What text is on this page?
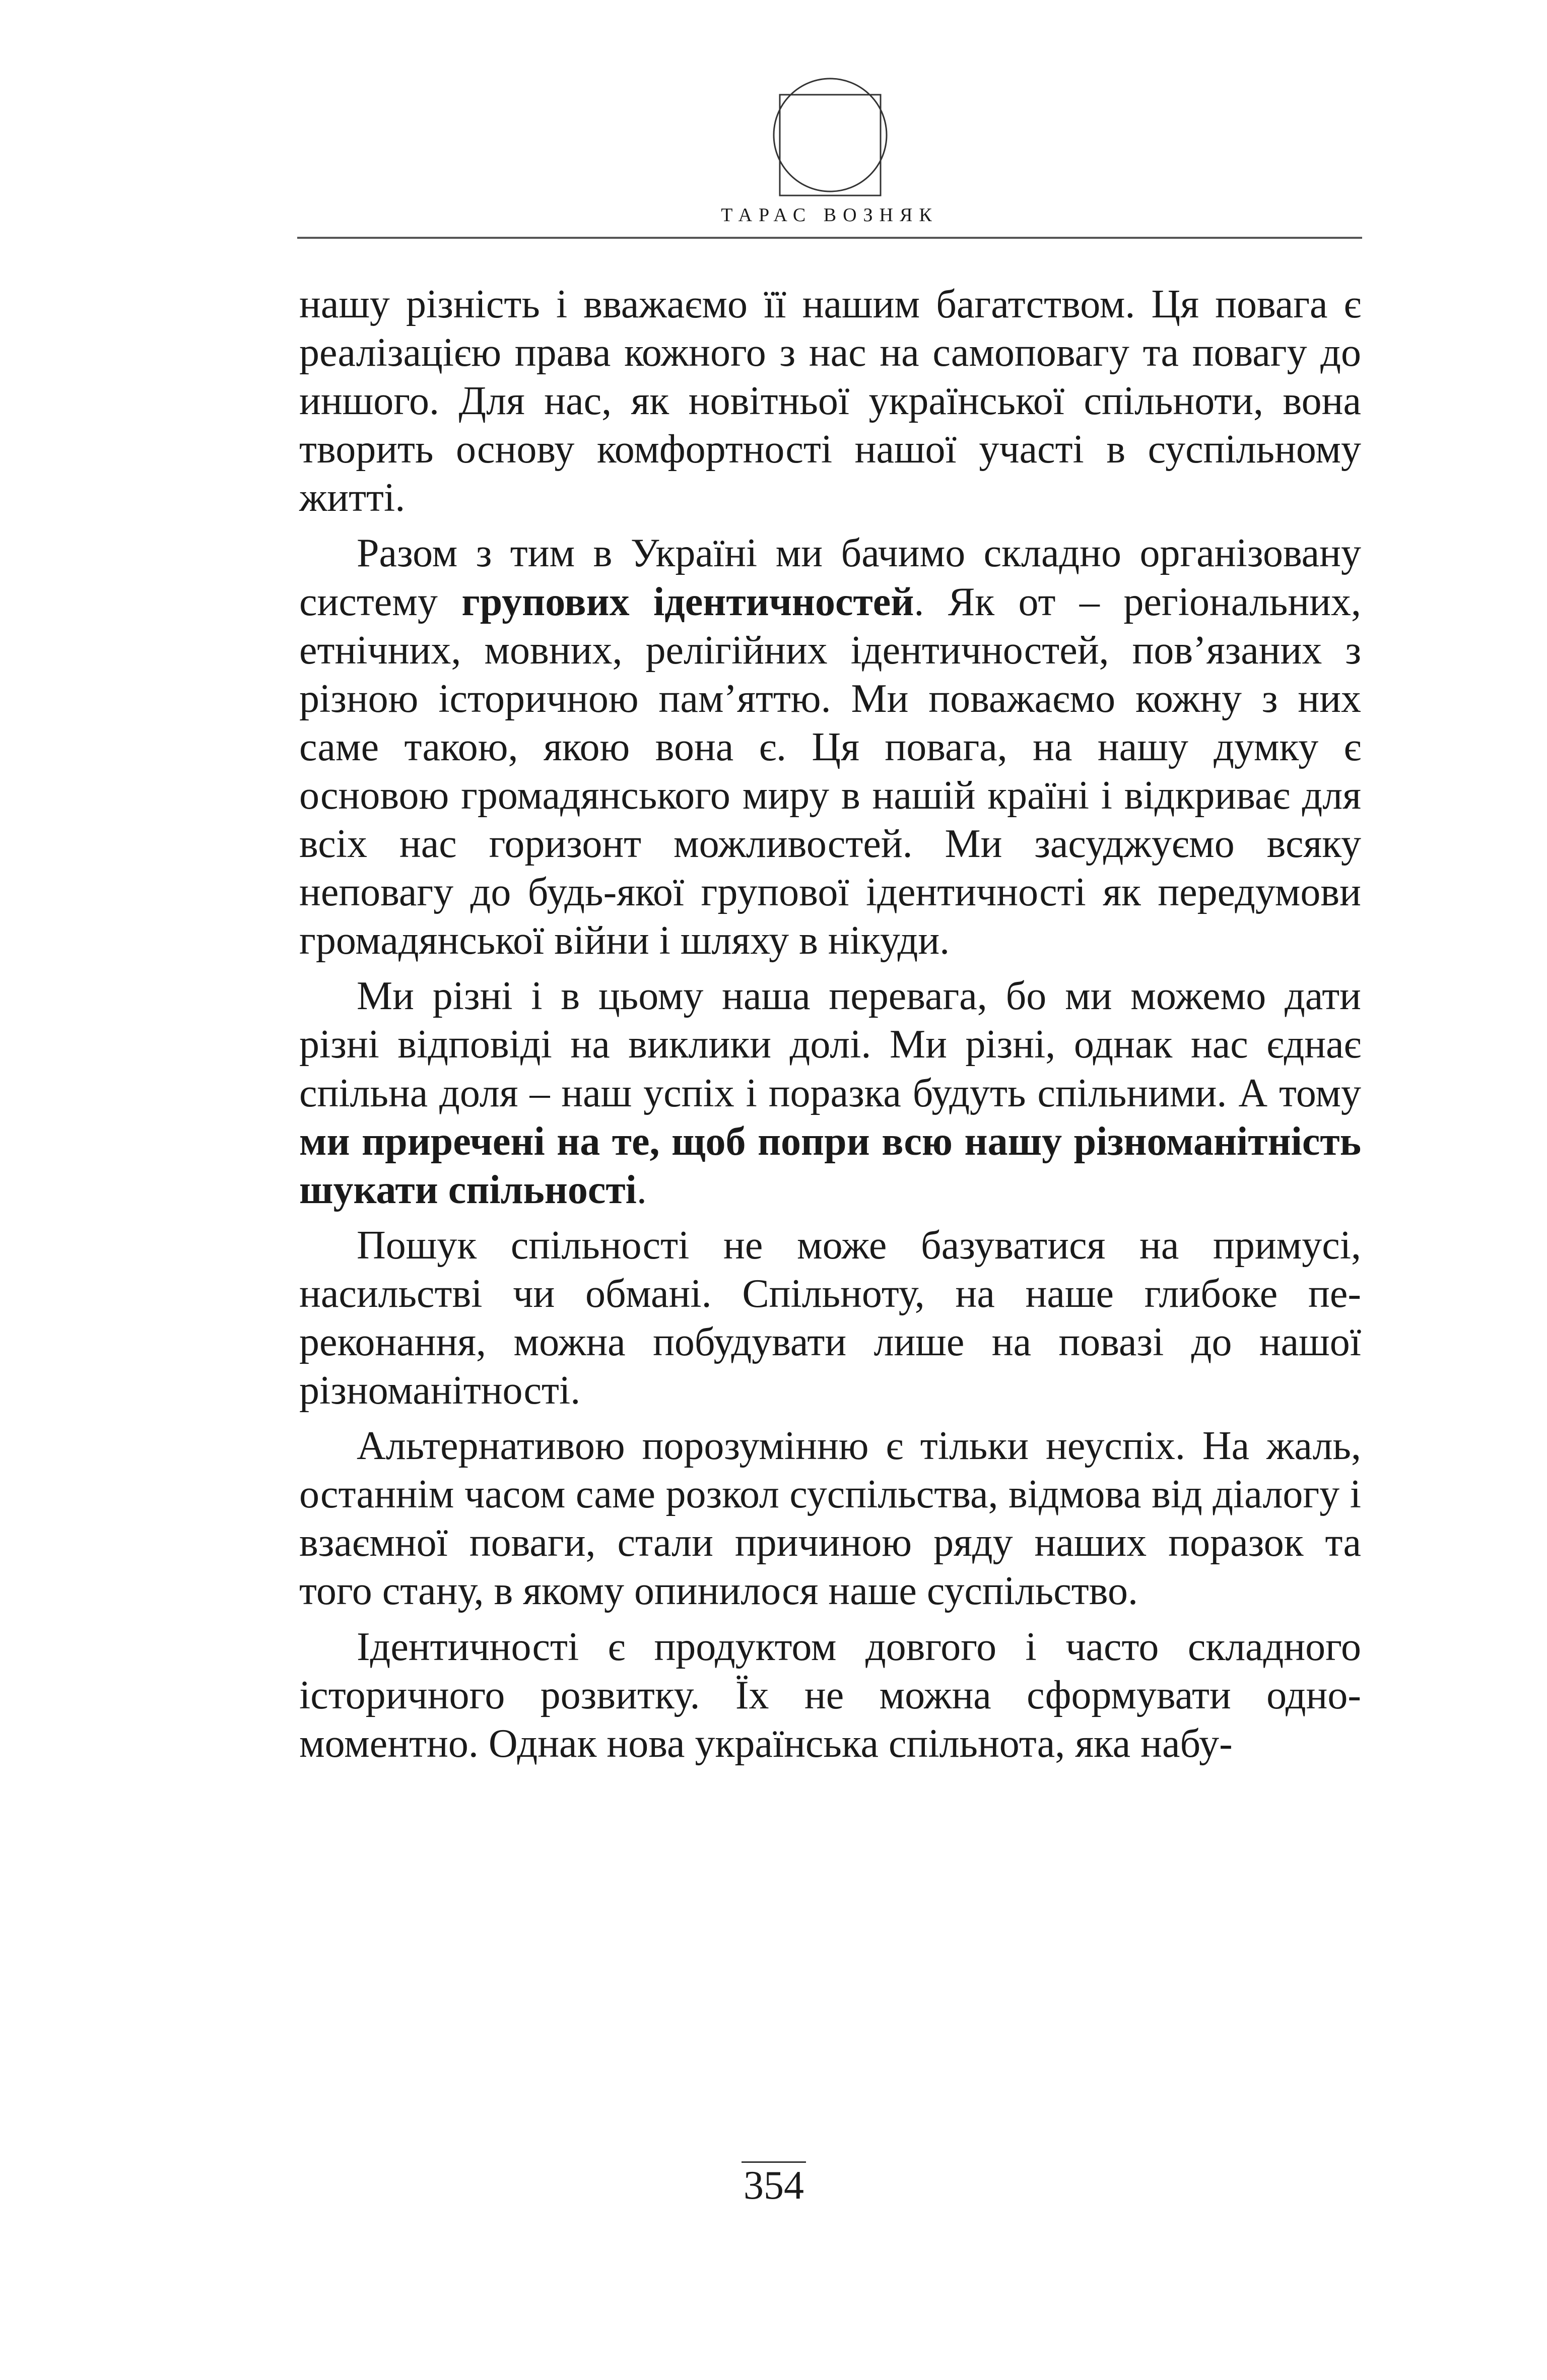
ТАРАС ВОЗНЯК

нашу різність і вважаємо її нашим багатством. Ця повага є реалізацією права кожного з нас на самоповагу та повагу до иншого. Для нас, як новітньої української спільноти, вона творить основу комфортності нашої участі в суспільному житті.

Разом з тим в Україні ми бачимо складно організовану систему групових ідентичностей. Як от – регіональних, етнічних, мовних, релігійних ідентичностей, пов’язаних з різною історичною пам’яттю. Ми поважаємо кожну з них саме такою, якою вона є. Ця повага, на нашу думку є основою громадянського миру в нашій країні і відкриває для всіх нас горизонт можливостей. Ми засуджуємо всяку неповагу до будь-якої групової ідентичності як передумови громадянської війни і шляху в нікуди.

Ми різні і в цьому наша перевага, бо ми можемо дати різні відповіді на виклики долі. Ми різні, однак нас єднає спільна доля – наш успіх і поразка будуть спільними. А тому ми приречені на те, щоб попри всю нашу різноманітність шукати спільності.

Пошук спільності не може базуватися на примусі, насильстві чи обмані. Спільноту, на наше глибоке переконання, можна побудувати лише на повазі до нашої різноманітності.

Альтернативою порозумінню є тільки неуспіх. На жаль, останнім часом саме розкол суспільства, відмова від діалогу і взаємної поваги, стали причиною ряду наших поразок та того стану, в якому опинилося наше суспільство.

Ідентичності є продуктом довгого і часто складного історичного розвитку. Їх не можна сформувати одномоментно. Однак нова українська спільнота, яка набу-

354
